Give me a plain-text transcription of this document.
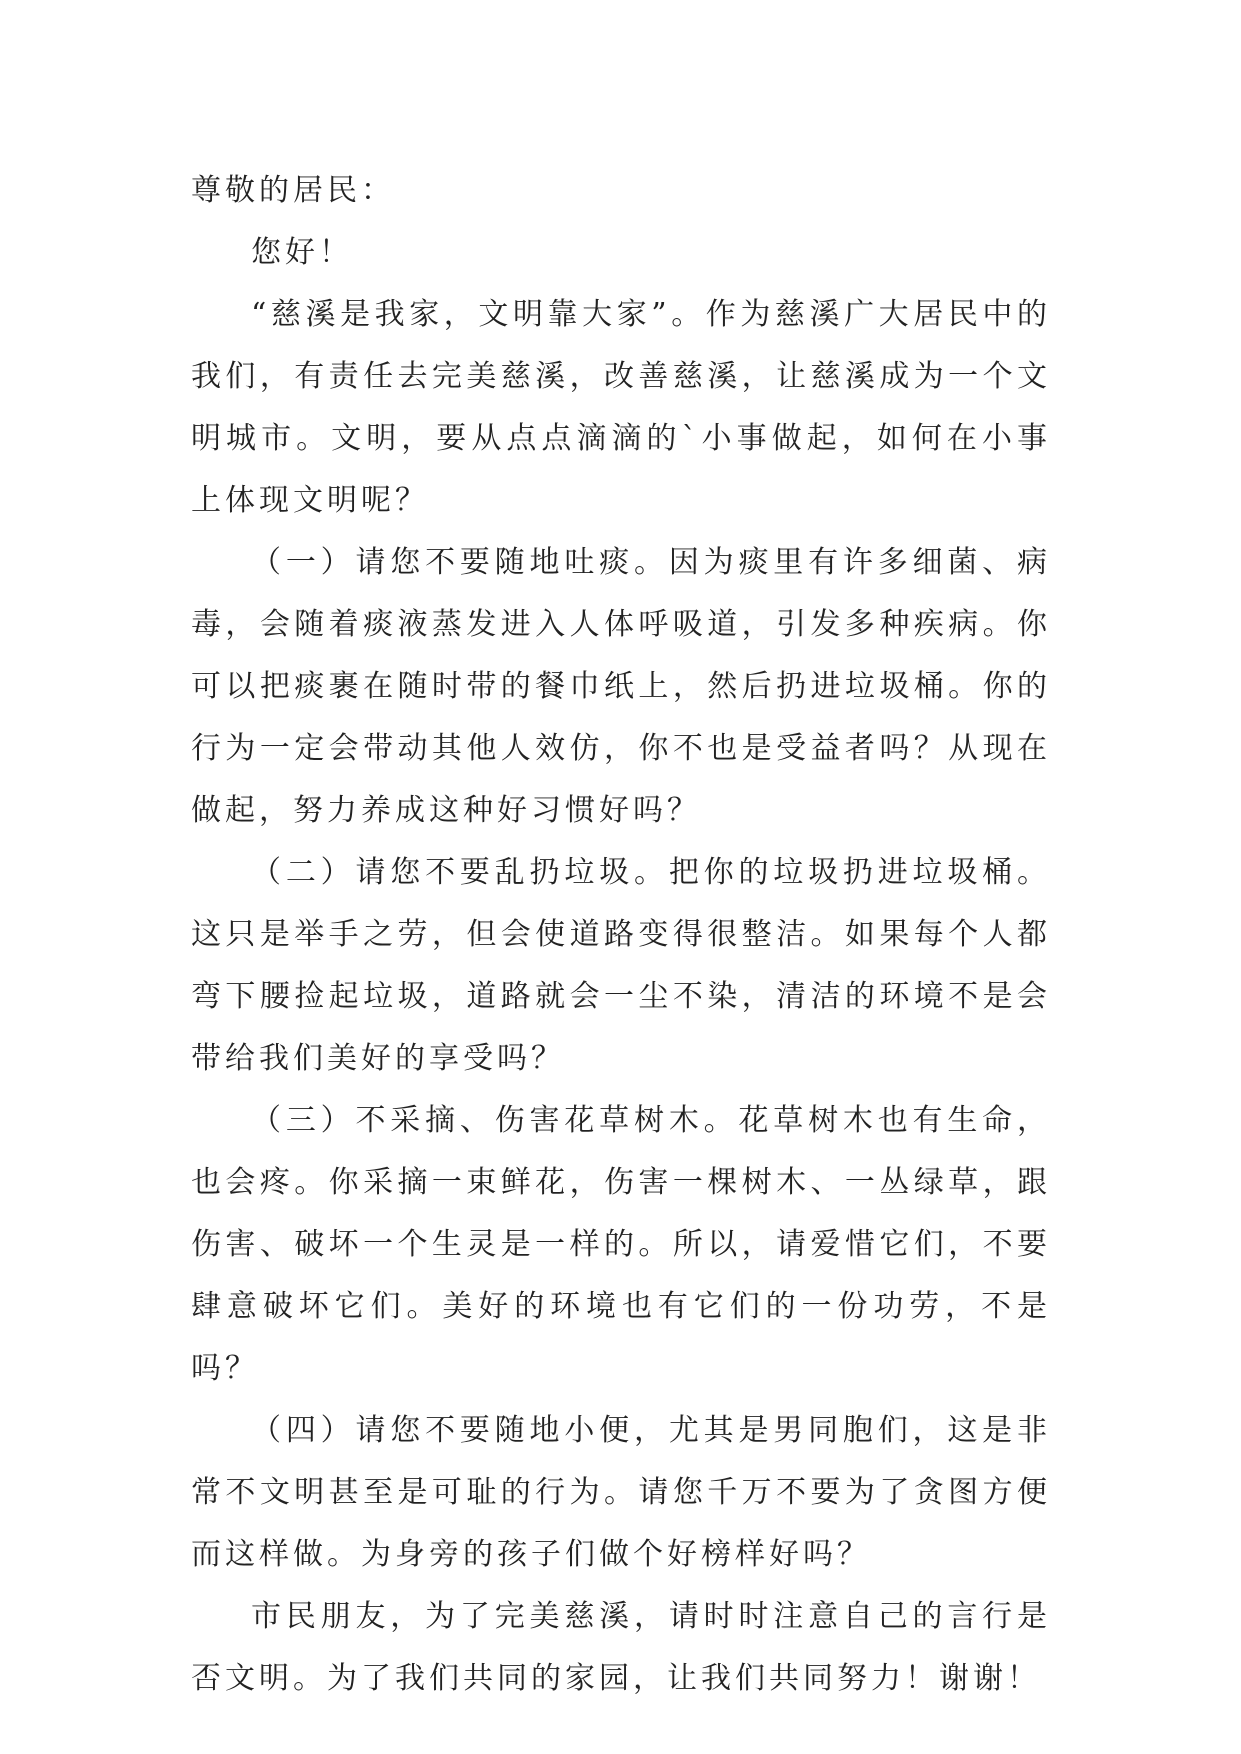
尊敬的居民：

您好！

“慈溪是我家，文明靠大家”。作为慈溪广大居民中的我们，有责任去完美慈溪，改善慈溪，让慈溪成为一个文明城市。文明，要从点点滴滴的`小事做起，如何在小事上体现文明呢？

（一）请您不要随地吐痰。因为痰里有许多细菌、病毒，会随着痰液蒸发进入人体呼吸道，引发多种疾病。你可以把痰裹在随时带的餐巾纸上，然后扔进垃圾桶。你的行为一定会带动其他人效仿，你不也是受益者吗？从现在做起，努力养成这种好习惯好吗？

（二）请您不要乱扔垃圾。把你的垃圾扔进垃圾桶。这只是举手之劳，但会使道路变得很整洁。如果每个人都弯下腰捡起垃圾，道路就会一尘不染，清洁的环境不是会带给我们美好的享受吗？

（三）不采摘、伤害花草树木。花草树木也有生命，也会疼。你采摘一束鲜花，伤害一棵树木、一丛绿草，跟伤害、破坏一个生灵是一样的。所以，请爱惜它们，不要肆意破坏它们。美好的环境也有它们的一份功劳，不是吗？

（四）请您不要随地小便，尤其是男同胞们，这是非常不文明甚至是可耻的行为。请您千万不要为了贪图方便而这样做。为身旁的孩子们做个好榜样好吗？

市民朋友，为了完美慈溪，请时时注意自己的言行是否文明。为了我们共同的家园，让我们共同努力！谢谢！
